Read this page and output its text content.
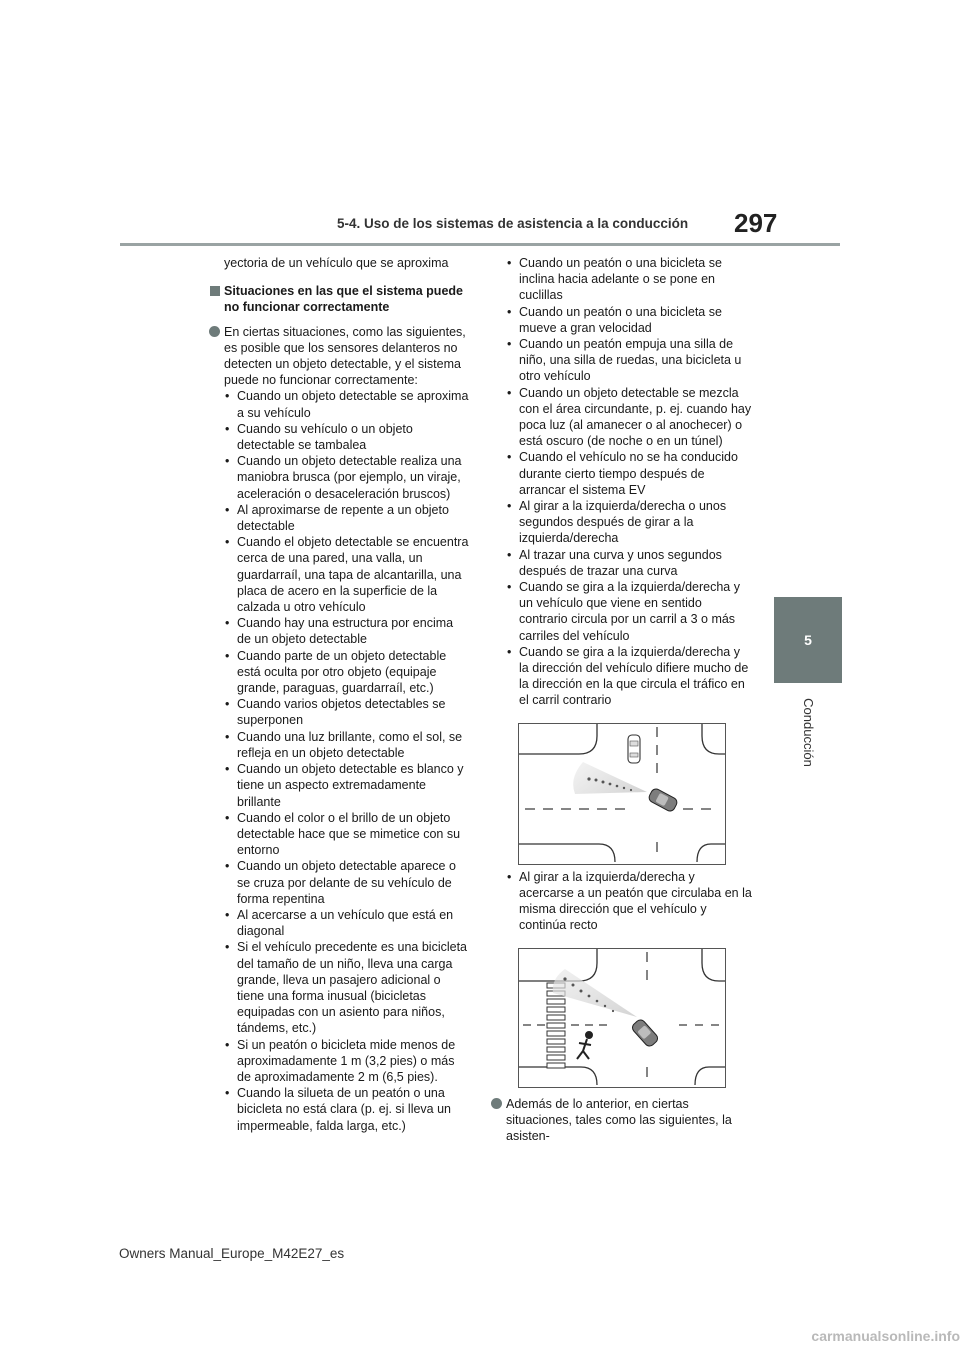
5-4. Uso de los sistemas de asistencia a la conducción	297
5
Conducción

yectoria de un vehículo que se aproxima

Situaciones en las que el sistema puede no funcionar correctamente
En ciertas situaciones, como las siguientes, es posible que los sensores delanteros no detecten un objeto detectable, y el sistema puede no funcionar correctamente:
• Cuando un objeto detectable se aproxima a su vehículo
• Cuando su vehículo o un objeto detectable se tambalea
• Cuando un objeto detectable realiza una maniobra brusca (por ejemplo, un viraje, aceleración o desaceleración bruscos)
• Al aproximarse de repente a un objeto detectable
• Cuando el objeto detectable se encuentra cerca de una pared, una valla, un guardarraíl, una tapa de alcantarilla, una placa de acero en la superficie de la calzada u otro vehículo
• Cuando hay una estructura por encima de un objeto detectable
• Cuando parte de un objeto detectable está oculta por otro objeto (equipaje grande, paraguas, guardarraíl, etc.)
• Cuando varios objetos detectables se superponen
• Cuando una luz brillante, como el sol, se refleja en un objeto detectable
• Cuando un objeto detectable es blanco y tiene un aspecto extremadamente brillante
• Cuando el color o el brillo de un objeto detectable hace que se mimetice con su entorno
• Cuando un objeto detectable aparece o se cruza por delante de su vehículo de forma repentina
• Al acercarse a un vehículo que está en diagonal
• Si el vehículo precedente es una bicicleta del tamaño de un niño, lleva una carga grande, lleva un pasajero adicional o tiene una forma inusual (bicicletas equipadas con un asiento para niños, tándems, etc.)
• Si un peatón o bicicleta mide menos de aproximadamente 1 m (3,2 pies) o más de aproximadamente 2 m (6,5 pies).
• Cuando la silueta de un peatón o una bicicleta no está clara (p. ej. si lleva un impermeable, falda larga, etc.)
• Cuando un peatón o una bicicleta se inclina hacia adelante o se pone en cuclillas
• Cuando un peatón o una bicicleta se mueve a gran velocidad
• Cuando un peatón empuja una silla de niño, una silla de ruedas, una bicicleta u otro vehículo
• Cuando un objeto detectable se mezcla con el área circundante, p. ej. cuando hay poca luz (al amanecer o al anochecer) o está oscuro (de noche o en un túnel)
• Cuando el vehículo no se ha conducido durante cierto tiempo después de arrancar el sistema EV
• Al girar a la izquierda/derecha o unos segundos después de girar a la izquierda/derecha
• Al trazar una curva y unos segundos después de trazar una curva
• Cuando se gira a la izquierda/derecha y un vehículo que viene en sentido contrario circula por un carril a 3 o más carriles del vehículo
• Cuando se gira a la izquierda/derecha y la dirección del vehículo difiere mucho de la dirección en la que circula el tráfico en el carril contrario
• Al girar a la izquierda/derecha y acercarse a un peatón que circulaba en la misma dirección que el vehículo y continúa recto
Además de lo anterior, en ciertas situaciones, tales como las siguientes, la asisten-
Owners Manual_Europe_M42E27_es
carmanualsonline.info
